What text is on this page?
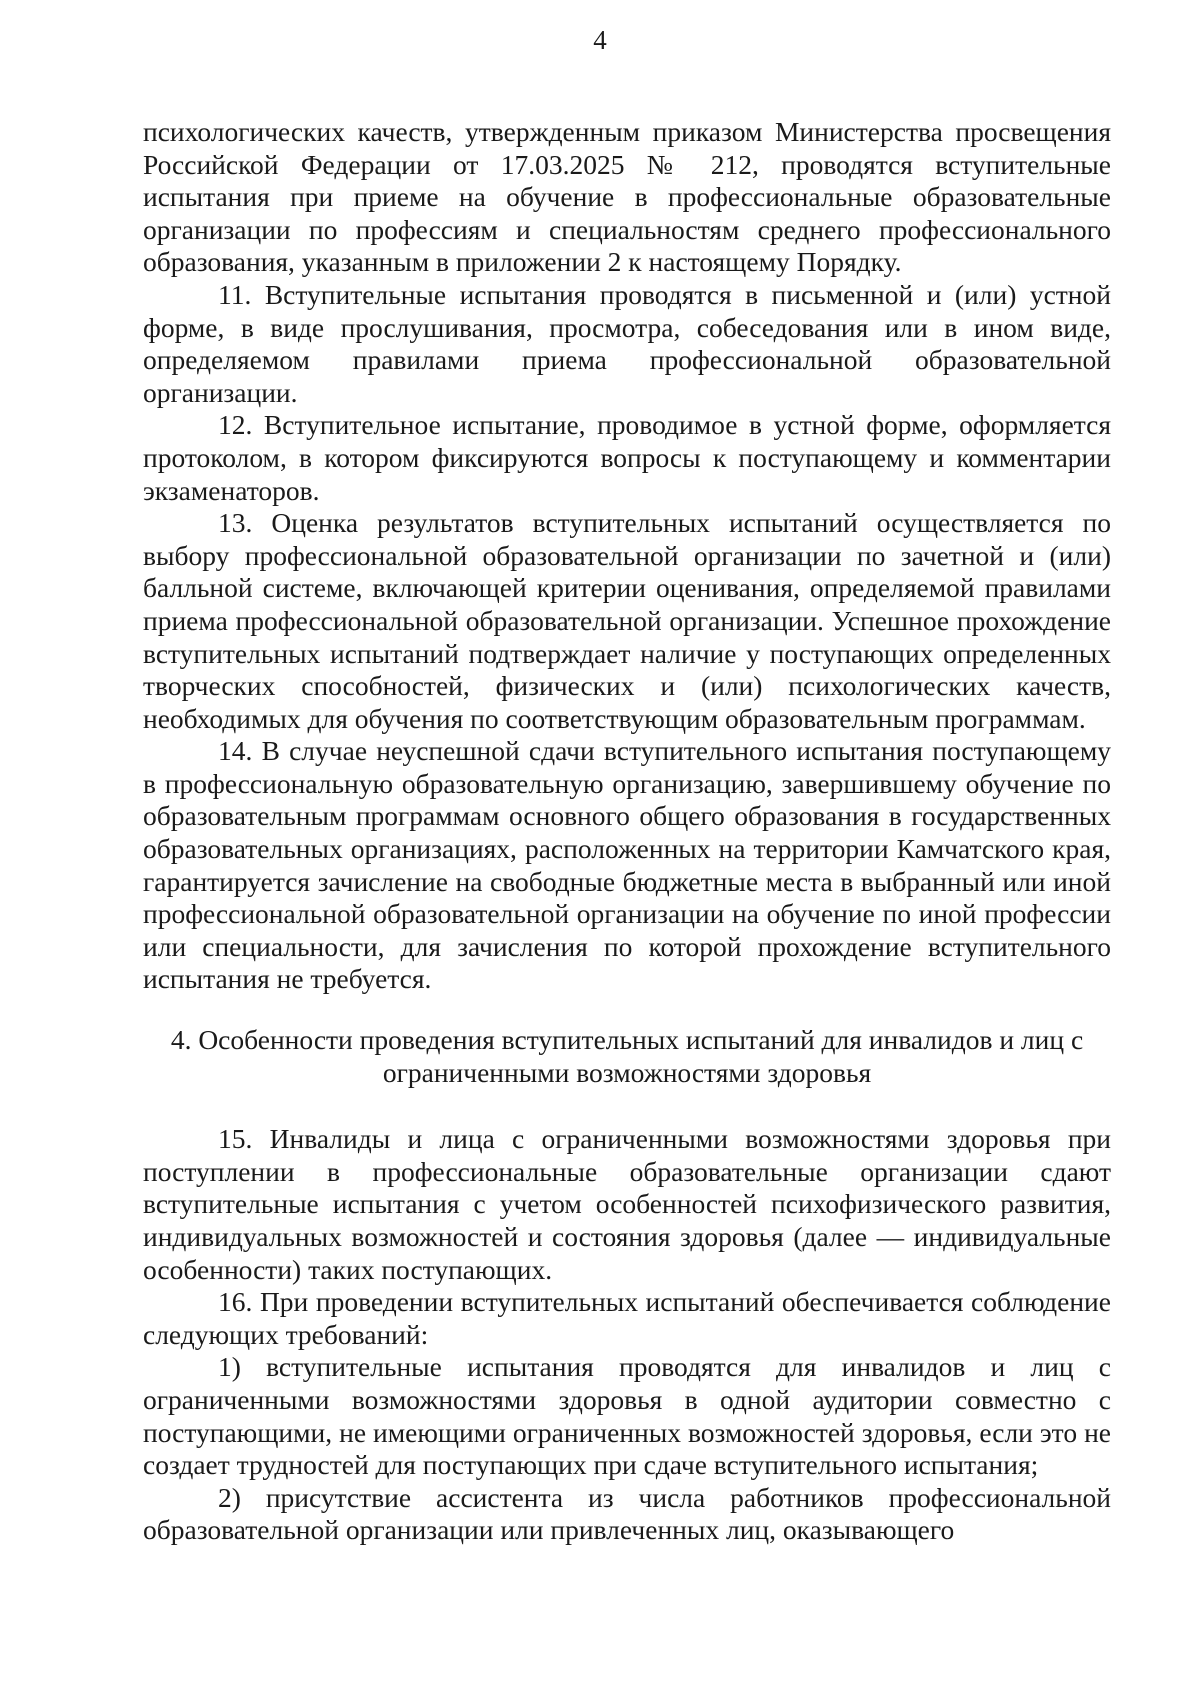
4

психологических качеств, утвержденным приказом Министерства просвещения Российской Федерации от 17.03.2025 № 212, проводятся вступительные испытания при приеме на обучение в профессиональные образовательные организации по профессиям и специальностям среднего профессионального образования, указанным в приложении 2 к настоящему Порядку.

11. Вступительные испытания проводятся в письменной и (или) устной форме, в виде прослушивания, просмотра, собеседования или в ином виде, определяемом правилами приема профессиональной образовательной организации.

12. Вступительное испытание, проводимое в устной форме, оформляется протоколом, в котором фиксируются вопросы к поступающему и комментарии экзаменаторов.

13. Оценка результатов вступительных испытаний осуществляется по выбору профессиональной образовательной организации по зачетной и (или) балльной системе, включающей критерии оценивания, определяемой правилами приема профессиональной образовательной организации. Успешное прохождение вступительных испытаний подтверждает наличие у поступающих определенных творческих способностей, физических и (или) психологических качеств, необходимых для обучения по соответствующим образовательным программам.

14. В случае неуспешной сдачи вступительного испытания поступающему в профессиональную образовательную организацию, завершившему обучение по образовательным программам основного общего образования в государственных образовательных организациях, расположенных на территории Камчатского края, гарантируется зачисление на свободные бюджетные места в выбранный или иной профессиональной образовательной организации на обучение по иной профессии или специальности, для зачисления по которой прохождение вступительного испытания не требуется.

4. Особенности проведения вступительных испытаний для инвалидов и лиц с ограниченными возможностями здоровья

15. Инвалиды и лица с ограниченными возможностями здоровья при поступлении в профессиональные образовательные организации сдают вступительные испытания с учетом особенностей психофизического развития, индивидуальных возможностей и состояния здоровья (далее — индивидуальные особенности) таких поступающих.

16. При проведении вступительных испытаний обеспечивается соблюдение следующих требований:

1) вступительные испытания проводятся для инвалидов и лиц с ограниченными возможностями здоровья в одной аудитории совместно с поступающими, не имеющими ограниченных возможностей здоровья, если это не создает трудностей для поступающих при сдаче вступительного испытания;

2) присутствие ассистента из числа работников профессиональной образовательной организации или привлеченных лиц, оказывающего
